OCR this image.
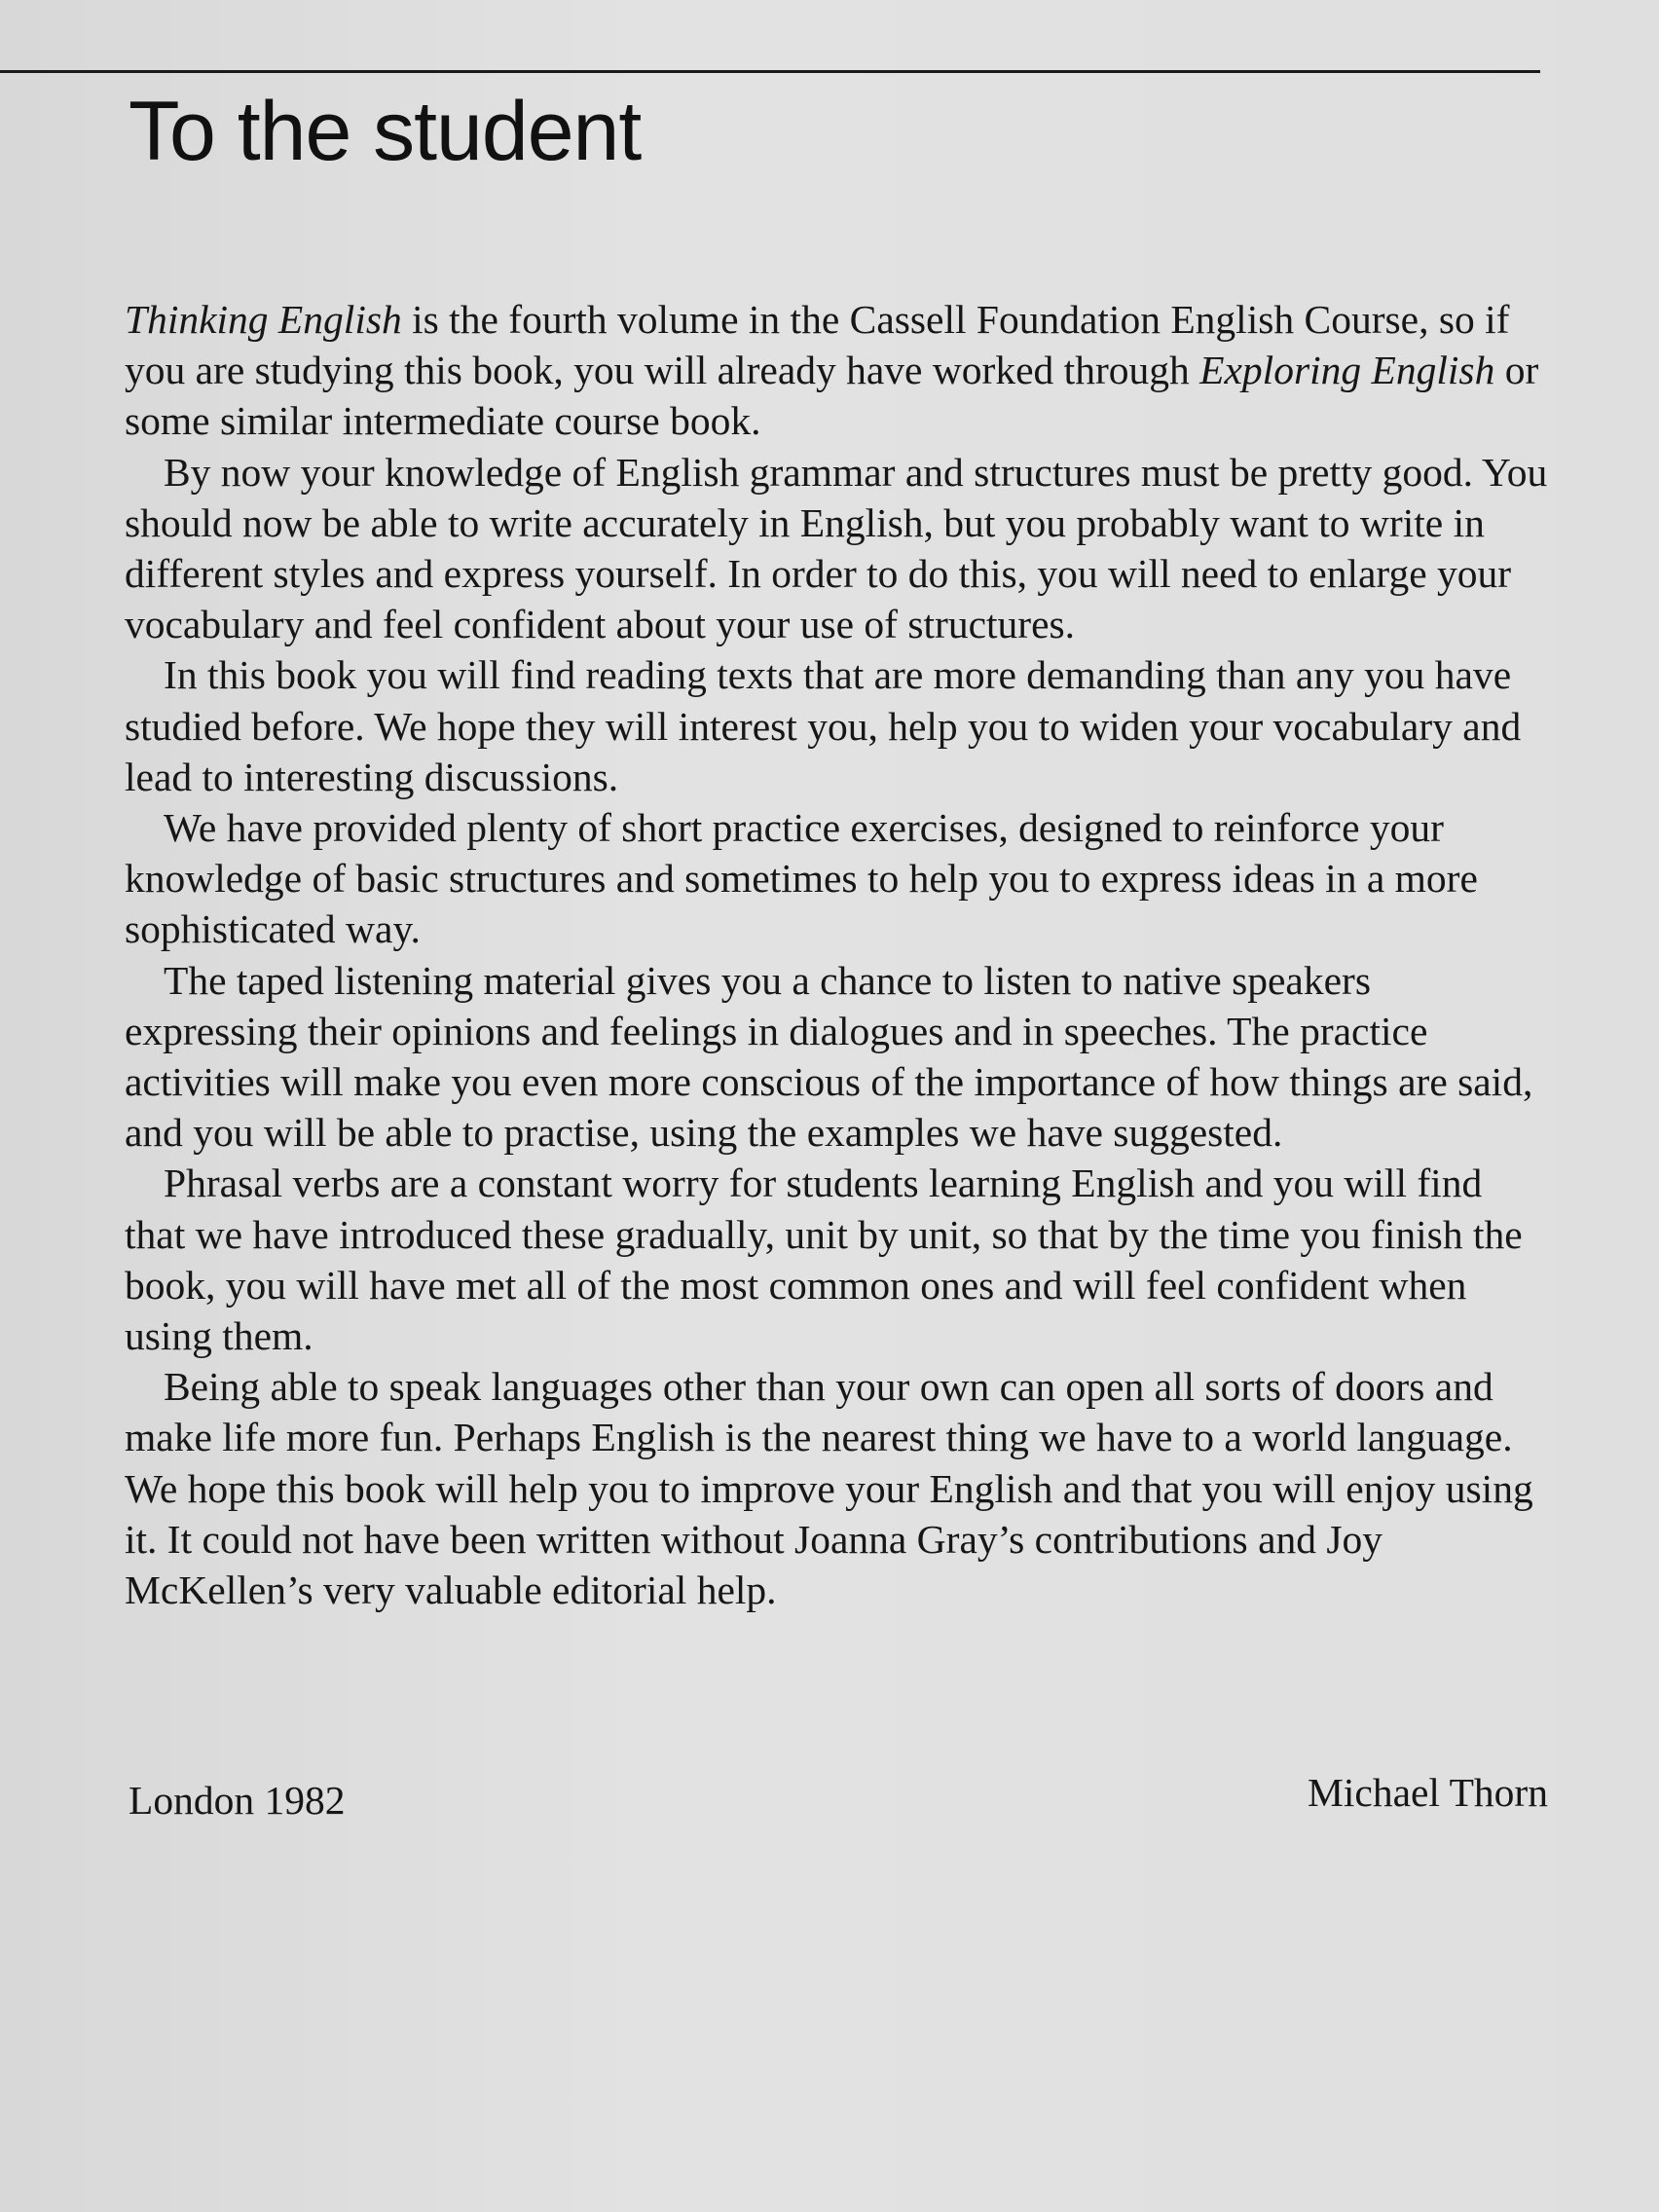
To the student

Thinking English is the fourth volume in the Cassell Foundation English Course, so if you are studying this book, you will already have worked through Exploring English or some similar intermediate course book.

By now your knowledge of English grammar and structures must be pretty good. You should now be able to write accurately in English, but you probably want to write in different styles and express yourself. In order to do this, you will need to enlarge your vocabulary and feel confident about your use of structures.

In this book you will find reading texts that are more demanding than any you have studied before. We hope they will interest you, help you to widen your vocabulary and lead to interesting discussions.

We have provided plenty of short practice exercises, designed to reinforce your knowledge of basic structures and sometimes to help you to express ideas in a more sophisticated way.

The taped listening material gives you a chance to listen to native speakers expressing their opinions and feelings in dialogues and in speeches. The practice activities will make you even more conscious of the importance of how things are said, and you will be able to practise, using the examples we have suggested.

Phrasal verbs are a constant worry for students learning English and you will find that we have introduced these gradually, unit by unit, so that by the time you finish the book, you will have met all of the most common ones and will feel confident when using them.

Being able to speak languages other than your own can open all sorts of doors and make life more fun. Perhaps English is the nearest thing we have to a world language. We hope this book will help you to improve your English and that you will enjoy using it. It could not have been written without Joanna Gray’s contributions and Joy McKellen’s very valuable editorial help.

London 1982	Michael Thorn
